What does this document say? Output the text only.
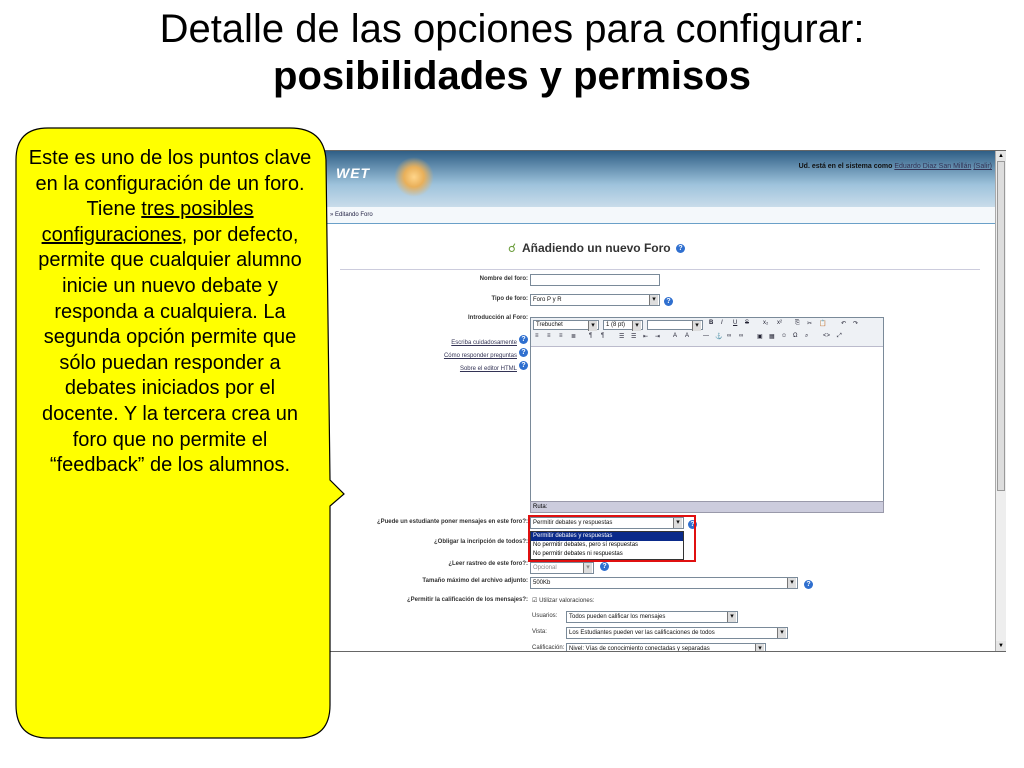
Detalle de las opciones para configurar:
posibilidades y permisos
WET	Ud. está en el sistema como Eduardo Diaz San Millán (Salir)
» Editando Foro
☌ Añadiendo un nuevo Foro ?
Nombre del foro:
Tipo de foro: Foro P y R ▾	?
Introducción al Foro:
Escriba cuidadosamente ?
Cómo responder preguntas ?
Sobre el editor HTML ?
Trebuchet ▾	1 (8 pt) ▾
▾	B I U S x₂ x² ⎘ ✂ 📋 ↶ ↷
≡ ≡ ≡ ≣ ¶ ¶ ☰ ☰ ⇤ ⇥ A A — ⚓ ∞ ∞ ▣ ▦ ☺ Ω ⌕ <> ⤢
Ruta:
¿Puede un estudiante poner mensajes en este foro?: Permitir debates y respuestas ▾	?
Permitir debates y respuestas
No permitir debates, pero sí respuestas
No permitir debates ni respuestas
¿Obligar la incripción de todos?:
¿Leer rastreo de este foro?:
Opcional ▾	?
Tamaño máximo del archivo adjunto: 500Kb ▾	?
¿Permitir la calificación de los mensajes?: ☑ Utilizar valoraciones:
Usuarios:	Todos pueden calificar los mensajes ▾
Vista:	Los Estudiantes pueden ver las calificaciones de todos ▾
Calificación: Nivel: Vías de conocimiento conectadas y separadas ▾
▲
▼
Este es uno de los puntos clave en la configuración de un foro. Tiene tres posibles configuraciones, por defecto, permite que cualquier alumno inicie un nuevo debate y responda a cualquiera. La segunda opción permite que sólo puedan responder a debates iniciados por el docente. Y la tercera crea un foro que no permite el “feedback” de los alumnos.
